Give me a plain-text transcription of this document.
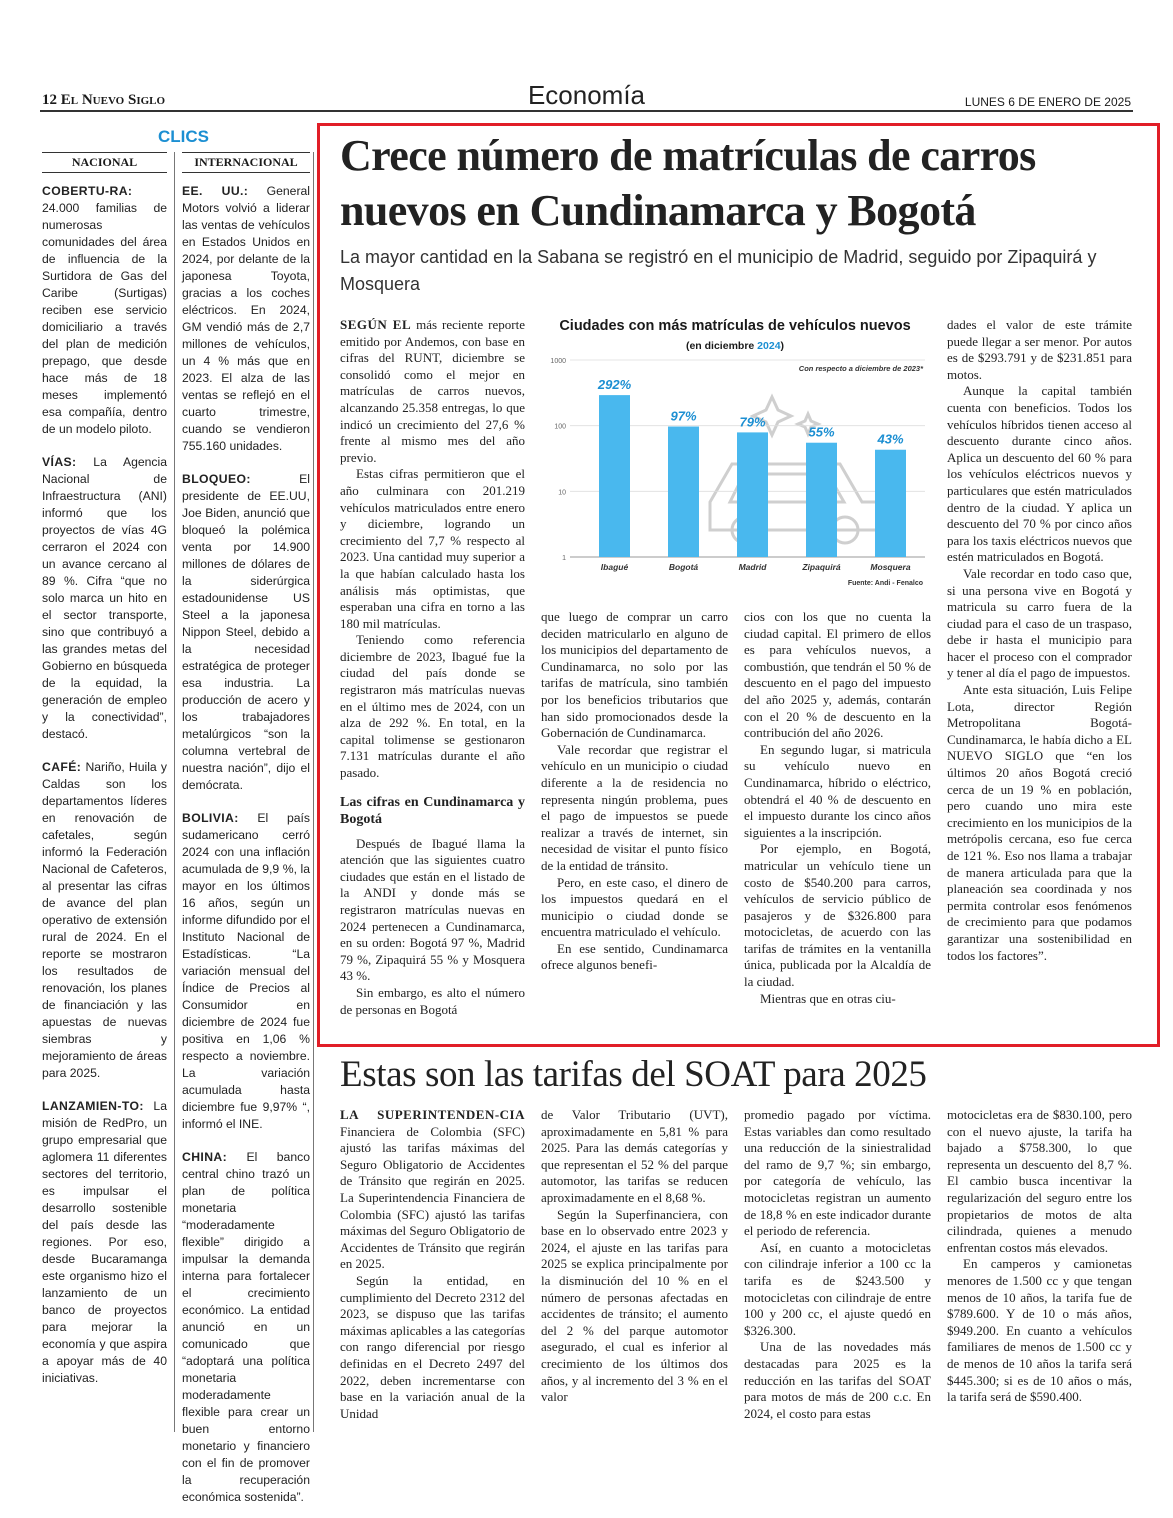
12 El Nuevo Siglo	Economía	LUNES 6 DE ENERO DE 2025
CLICS
NACIONAL	INTERNACIONAL

COBERTU-RA: 24.000 familias de numerosas comunidades del área de influencia de la Surtidora de Gas del Caribe (Surtigas) reciben ese servicio domiciliario a través del plan de medición prepago, que desde hace más de 18 meses implementó esa compañía, dentro de un modelo piloto.

VÍAS: La Agencia Nacional de Infraestructura (ANI) informó que los proyectos de vías 4G cerraron el 2024 con un avance cercano al 89 %. Cifra “que no solo marca un hito en el sector transporte, sino que contribuyó a las grandes metas del Gobierno en búsqueda de la equidad, la generación de empleo y la conectividad”, destacó.

CAFÉ: Nariño, Huila y Caldas son los departamentos líderes en renovación de cafetales, según informó la Federación Nacional de Cafeteros, al presentar las cifras de avance del plan operativo de extensión rural de 2024. En el reporte se mostraron los resultados de renovación, los planes de financiación y las apuestas de nuevas siembras y mejoramiento de áreas para 2025.

LANZAMIEN-TO: La misión de RedPro, un grupo empresarial que aglomera 11 diferentes sectores del territorio, es impulsar el desarrollo sostenible del país desde las regiones. Por eso, desde Bucaramanga este organismo hizo el lanzamiento de un banco de proyectos para mejorar la economía y que aspira a apoyar más de 40 iniciativas.

EE. UU.: General Motors volvió a liderar las ventas de vehículos en Estados Unidos en 2024, por delante de la japonesa Toyota, gracias a los coches eléctricos. En 2024, GM vendió más de 2,7 millones de vehículos, un 4 % más que en 2023. El alza de las ventas se reflejó en el cuarto trimestre, cuando se vendieron 755.160 unidades.

BLOQUEO: El presidente de EE.UU, Joe Biden, anunció que bloqueó la polémica venta por 14.900 millones de dólares de la siderúrgica estadounidense US Steel a la japonesa Nippon Steel, debido a la necesidad estratégica de proteger esa industria. La producción de acero y los trabajadores metalúrgicos “son la columna vertebral de nuestra nación”, dijo el demócrata.

BOLIVIA: El país sudamericano cerró 2024 con una inflación acumulada de 9,9 %, la mayor en los últimos 16 años, según un informe difundido por el Instituto Nacional de Estadísticas. “La variación mensual del Índice de Precios al Consumidor en diciembre de 2024 fue positiva en 1,06 % respecto a noviembre. La variación acumulada hasta diciembre fue 9,97% “, informó el INE.

CHINA: El banco central chino trazó un plan de política monetaria “moderadamente flexible” dirigido a impulsar la demanda interna para fortalecer el crecimiento económico. La entidad anunció en un comunicado que “adoptará una política monetaria moderadamente flexible para crear un buen entorno monetario y financiero con el fin de promover la recuperación económica sostenida”.

Crece número de matrículas de carros nuevos en Cundinamarca y Bogotá
La mayor cantidad en la Sabana se registró en el municipio de Madrid, seguido por Zipaquirá y Mosquera

SEGÚN EL más reciente reporte emitido por Andemos, con base en cifras del RUNT, diciembre se consolidó como el mejor en matrículas de carros nuevos, alcanzando 25.358 entregas, lo que indicó un crecimiento del 27,6 % frente al mismo mes del año previo.

Estas cifras permitieron que el año culminara con 201.219 vehículos matriculados entre enero y diciembre, logrando un crecimiento del 7,7 % respecto al 2023. Una cantidad muy superior a la que habían calculado hasta los análisis más optimistas, que esperaban una cifra en torno a las 180 mil matrículas.

Teniendo como referencia diciembre de 2023, Ibagué fue la ciudad del país donde se registraron más matrículas nuevas en el último mes de 2024, con un alza de 292 %. En total, en la capital tolimense se gestionaron 7.131 matrículas durante el año pasado.

Las cifras en Cundinamarca y Bogotá

Después de Ibagué llama la atención que las siguientes cuatro ciudades que están en el listado de la ANDI y donde más se registraron matrículas nuevas en 2024 pertenecen a Cundinamarca, en su orden: Bogotá 97 %, Madrid 79 %, Zipaquirá 55 % y Mosquera 43 %.

Sin embargo, es alto el número de personas en Bogotá

que luego de comprar un carro deciden matricularlo en alguno de los municipios del departamento de Cundinamarca, no solo por las tarifas de matrícula, sino también por los beneficios tributarios que han sido promocionados desde la Gobernación de Cundinamarca.

Vale recordar que registrar el vehículo en un municipio o ciudad diferente a la de residencia no representa ningún problema, pues el pago de impuestos se puede realizar a través de internet, sin necesidad de visitar el punto físico de la entidad de tránsito.

Pero, en este caso, el dinero de los impuestos quedará en el municipio o ciudad donde se encuentra matriculado el vehículo.

En ese sentido, Cundinamarca ofrece algunos benefi-

cios con los que no cuenta la ciudad capital. El primero de ellos es para vehículos nuevos, a combustión, que tendrán el 50 % de descuento en el pago del impuesto del año 2025 y, además, contarán con el 20 % de descuento en la contribución del año 2026.

En segundo lugar, si matricula su vehículo nuevo en Cundinamarca, híbrido o eléctrico, obtendrá el 40 % de descuento en el impuesto durante los cinco años siguientes a la inscripción.

Por ejemplo, en Bogotá, matricular un vehículo tiene un costo de $540.200 para carros, vehículos de servicio público de pasajeros y de $326.800 para motocicletas, de acuerdo con las tarifas de trámites en la ventanilla única, publicada por la Alcaldía de la ciudad.

Mientras que en otras ciu-

dades el valor de este trámite puede llegar a ser menor. Por autos es de $293.791 y de $231.851 para motos.

Aunque la capital también cuenta con beneficios. Todos los vehículos híbridos tienen acceso al descuento durante cinco años. Aplica un descuento del 60 % para los vehículos eléctricos nuevos y particulares que estén matriculados dentro de la ciudad. Y aplica un descuento del 70 % por cinco años para los taxis eléctricos nuevos que estén matriculados en Bogotá.

Vale recordar en todo caso que, si una persona vive en Bogotá y matricula su carro fuera de la ciudad para el caso de un traspaso, debe ir hasta el municipio para hacer el proceso con el comprador y tener al día el pago de impuestos.

Ante esta situación, Luis Felipe Lota, director Región Metropolitana Bogotá-Cundinamarca, le había dicho a EL NUEVO SIGLO que “en los últimos 20 años Bogotá creció cerca de un 19 % en población, pero cuando uno mira este crecimiento en los municipios de la metrópolis cercana, eso fue cerca de 121 %. Eso nos llama a trabajar de manera articulada para que la planeación sea coordinada y nos permita controlar esos fenómenos de crecimiento para que podamos garantizar una sostenibilidad en todos los factores”.

Ciudades con más matrículas de vehículos nuevos
(en diciembre 2024)
1000
100
10
1
292%
Ibagué
97%
Bogotá
79%
Madrid
55%
Zipaquirá
43%
Mosquera
Con respecto a diciembre de 2023*
Fuente: Andi - Fenalco
Estas son las tarifas del SOAT para 2025

LA SUPERINTENDEN-CIA Financiera de Colombia (SFC) ajustó las tarifas máximas del Seguro Obligatorio de Accidentes de Tránsito que regirán en 2025. La Superintendencia Financiera de Colombia (SFC) ajustó las tarifas máximas del Seguro Obligatorio de Accidentes de Tránsito que regirán en 2025.

Según la entidad, en cumplimiento del Decreto 2312 del 2023, se dispuso que las tarifas máximas aplicables a las categorías con rango diferencial por riesgo definidas en el Decreto 2497 del 2022, deben incrementarse con base en la variación anual de la Unidad

de Valor Tributario (UVT), aproximadamente en 5,81 % para 2025. Para las demás categorías y que representan el 52 % del parque automotor, las tarifas se reducen aproximadamente en el 8,68 %.

Según la Superfinanciera, con base en lo observado entre 2023 y 2024, el ajuste en las tarifas para 2025 se explica principalmente por la disminución del 10 % en el número de personas afectadas en accidentes de tránsito; el aumento del 2 % del parque automotor asegurado, el cual es inferior al crecimiento de los últimos dos años, y al incremento del 3 % en el valor

promedio pagado por víctima. Estas variables dan como resultado una reducción de la siniestralidad del ramo de 9,7 %; sin embargo, por categoría de vehículo, las motocicletas registran un aumento de 18,8 % en este indicador durante el periodo de referencia.

Así, en cuanto a motocicletas con cilindraje inferior a 100 cc la tarifa es de $243.500 y motocicletas con cilindraje de entre 100 y 200 cc, el ajuste quedó en $326.300.

Una de las novedades más destacadas para 2025 es la reducción en las tarifas del SOAT para motos de más de 200 c.c. En 2024, el costo para estas

motocicletas era de $830.100, pero con el nuevo ajuste, la tarifa ha bajado a $758.300, lo que representa un descuento del 8,7 %. El cambio busca incentivar la regularización del seguro entre los propietarios de motos de alta cilindrada, quienes a menudo enfrentan costos más elevados.

En camperos y camionetas menores de 1.500 cc y que tengan menos de 10 años, la tarifa fue de $789.600. Y de 10 o más años, $949.200. En cuanto a vehículos familiares de menos de 1.500 cc y de menos de 10 años la tarifa será $445.300; si es de 10 años o más, la tarifa será de $590.400.
